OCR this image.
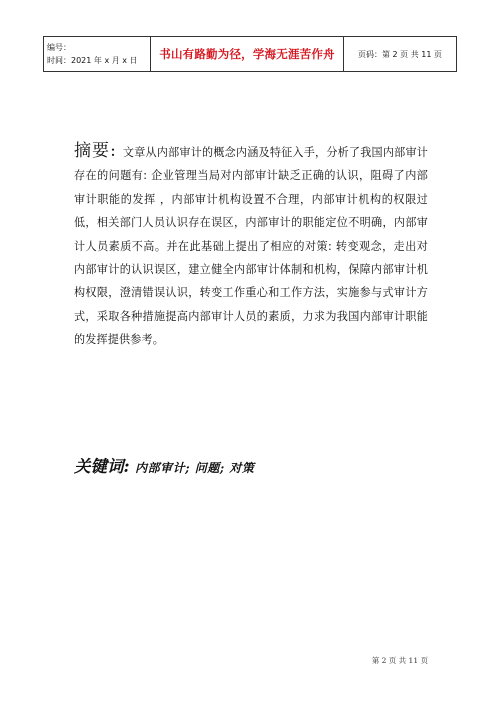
编号：
时间：2021 年 x 月 x 日	书山有路勤为径，学海无涯苦作舟	页码：第 2 页 共 11 页
摘要: 文章从内部审计的概念内涵及特征入手，分析了我国内部审计存在的问题有: 企业管理当局对内部审计缺乏正确的认识，阻碍了内部审计职能的发挥 ，内部审计机构设置不合理，内部审计机构的权限过低，相关部门人员认识存在误区，内部审计的职能定位不明确，内部审计人员素质不高。并在此基础上提出了相应的对策: 转变观念，走出对内部审计的认识误区，建立健全内部审计体制和机构，保障内部审计机构权限，澄清错误认识，转变工作重心和工作方法，实施参与式审计方式，采取各种措施提高内部审计人员的素质，力求为我国内部审计职能的发挥提供参考。
关键词: 内部审计; 问题; 对策
第 2 页 共 11 页
